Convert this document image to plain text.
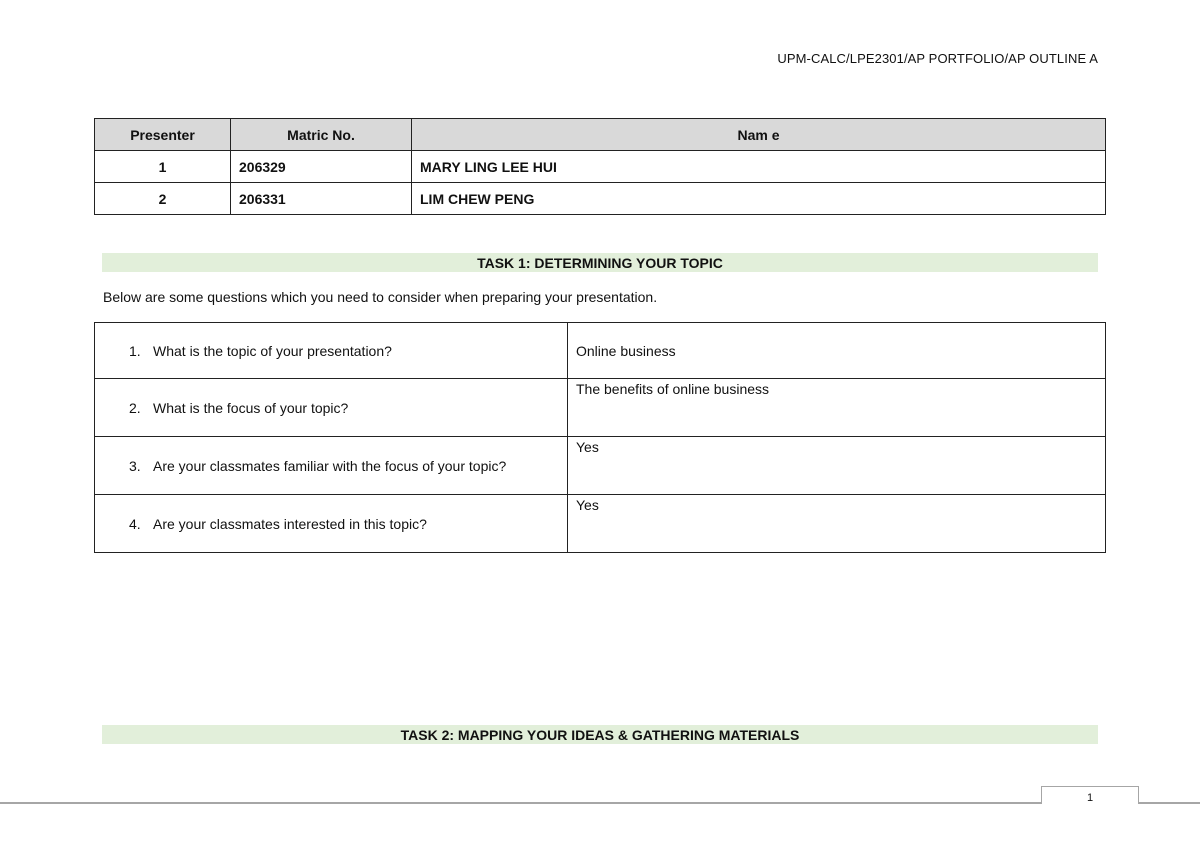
UPM-CALC/LPE2301/AP PORTFOLIO/AP OUTLINE A
Presenter	Matric No.	Nam e
1	206329	MARY LING LEE HUI
2	206331	LIM CHEW PENG
TASK 1: DETERMINING YOUR TOPIC
Below are some questions which you need to consider when preparing your presentation.
1. What is the topic of your presentation?	Online business
2. What is the focus of your topic?	The benefits of online business
3. Are your classmates familiar with the focus of your topic?	Yes
4. Are your classmates interested in this topic?	Yes
TASK 2: MAPPING YOUR IDEAS & GATHERING MATERIALS
1
